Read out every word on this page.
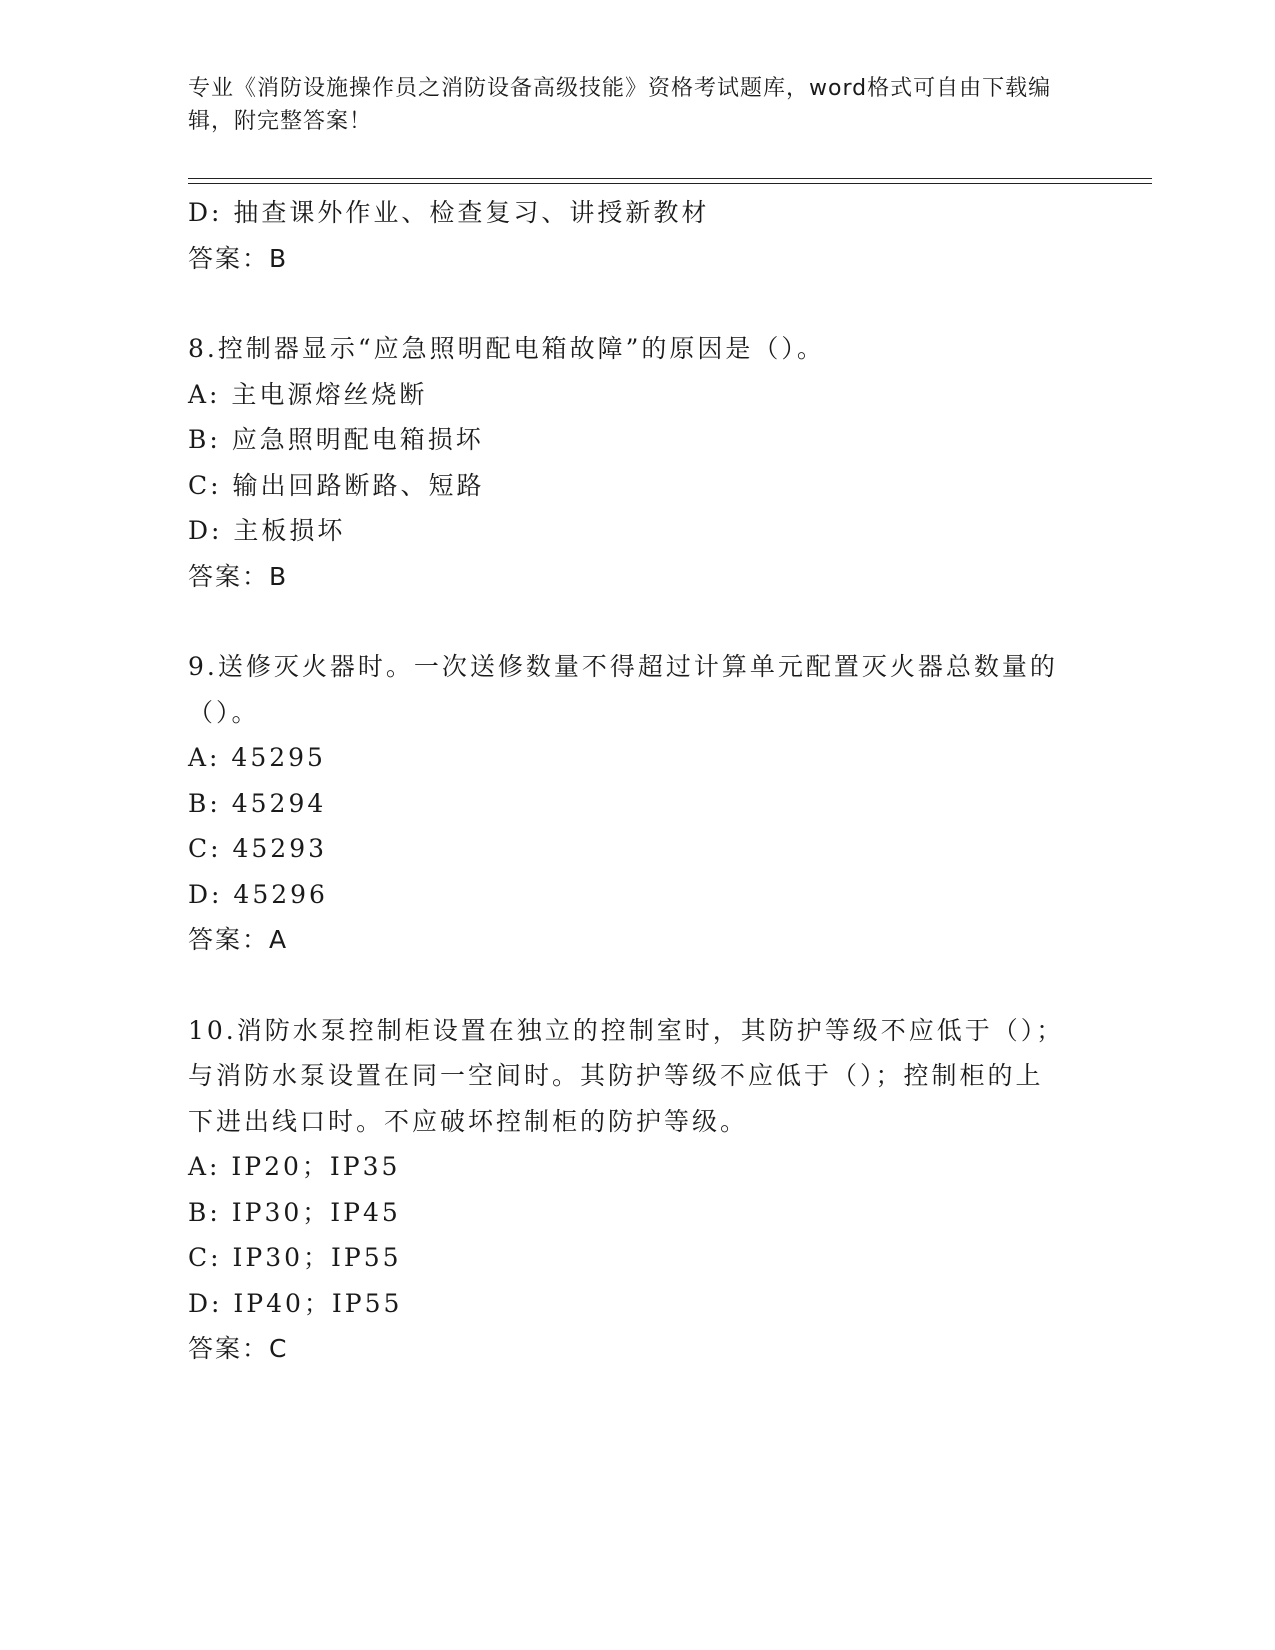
专业《消防设施操作员之消防设备高级技能》资格考试题库，word格式可自由下载编辑，附完整答案！
D: 抽查课外作业、检查复习、讲授新教材
答案：B
8.控制器显示“应急照明配电箱故障”的原因是（）。
A: 主电源熔丝烧断
B: 应急照明配电箱损坏
C: 输出回路断路、短路
D: 主板损坏
答案：B
9.送修灭火器时。一次送修数量不得超过计算单元配置灭火器总数量的（）。
A: 45295
B: 45294
C: 45293
D: 45296
答案：A
10.消防水泵控制柜设置在独立的控制室时，其防护等级不应低于（）；与消防水泵设置在同一空间时。其防护等级不应低于（）；控制柜的上下进出线口时。不应破坏控制柜的防护等级。
A: IP20；IP35
B: IP30；IP45
C: IP30；IP55
D: IP40；IP55
答案：C
